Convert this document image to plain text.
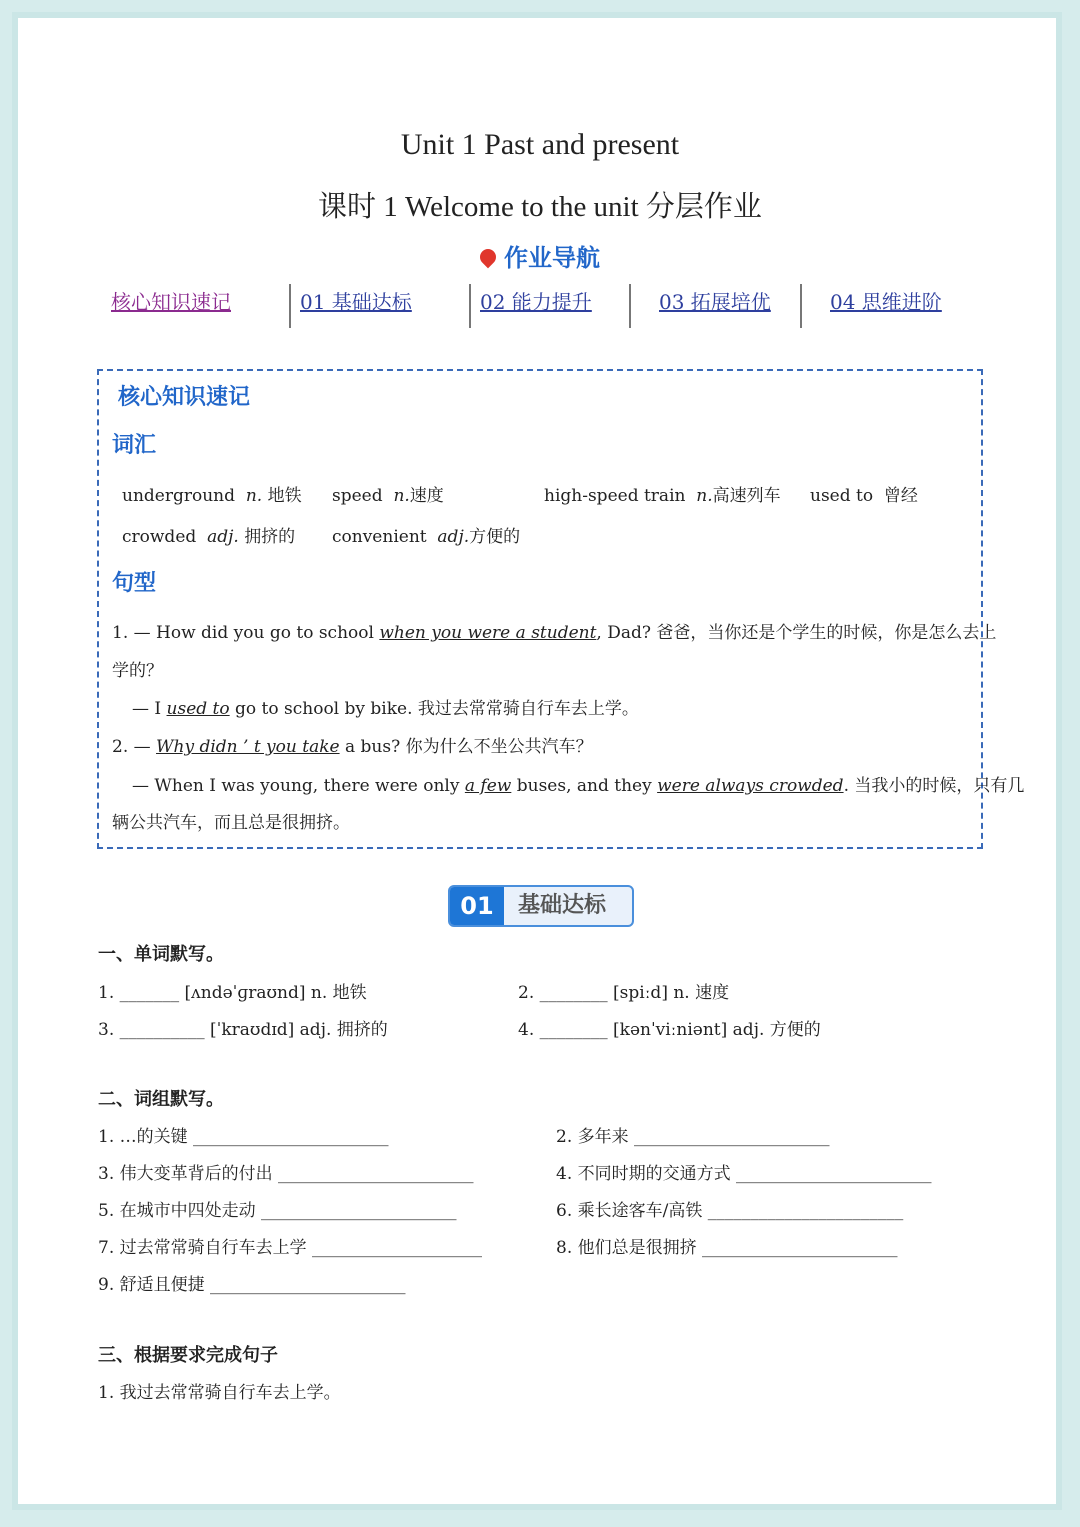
Unit 1 Past and present
课时 1 Welcome to the unit 分层作业
作业导航
核心知识速记	01 基础达标	02 能力提升	03 拓展培优	04 思维进阶
核心知识速记
词汇
underground n. 地铁 speed n.速度	high-speed train n.高速列车 used to 曾经
crowded adj. 拥挤的 convenient adj.方便的
句型
1. — How did you go to school when you were a student, Dad? 爸爸，当你还是个学生的时候，你是怎么去上
学的？
— I used to go to school by bike. 我过去常常骑自行车去上学。
2. — Why didn ’ t you take a bus? 你为什么不坐公共汽车？
— When I was young, there were only a few buses, and they were always crowded. 当我小的时候，只有几
辆公共汽车，而且总是很拥挤。
01	基础达标
一、单词默写。
1. _______ [ʌndəˈɡraʊnd] n. 地铁	2. ________ [spiːd] n. 速度
3. __________ [ˈkraʊdɪd] adj. 拥挤的	4. ________ [kənˈviːniənt] adj. 方便的
二、词组默写。
1. …的关键 _______________________	2. 多年来 _______________________
3. 伟大变革背后的付出 _______________________	4. 不同时期的交通方式 _______________________
5. 在城市中四处走动 _______________________	6. 乘长途客车/高铁 _______________________
7. 过去常常骑自行车去上学 ____________________	8. 他们总是很拥挤 _______________________
9. 舒适且便捷 _______________________
三、根据要求完成句子
1. 我过去常常骑自行车去上学。
